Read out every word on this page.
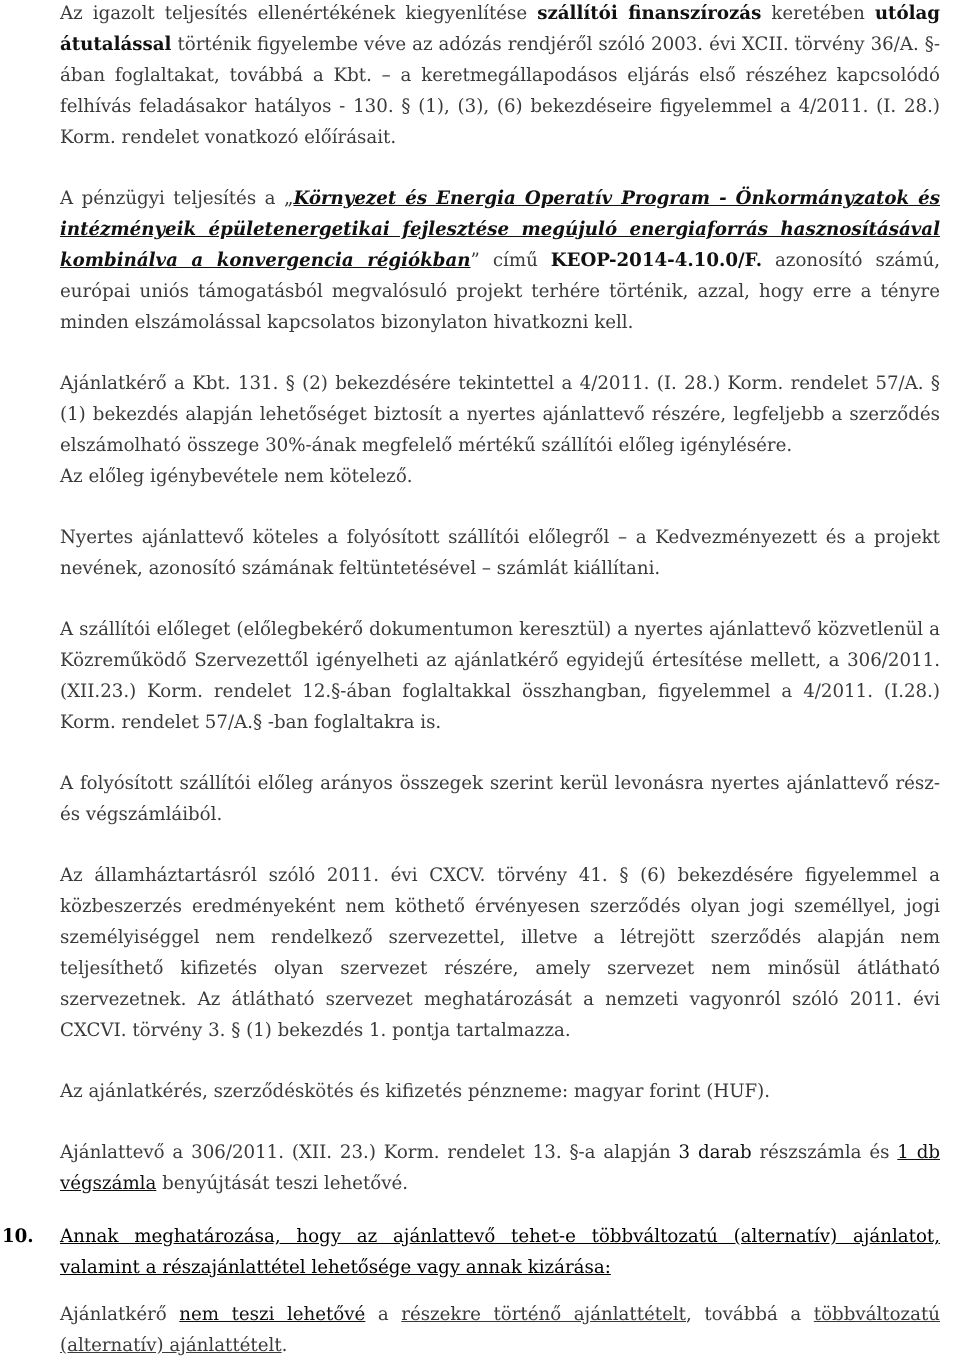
Az igazolt teljesítés ellenértékének kiegyenlítése szállítói finanszírozás keretében utólag átutalással történik figyelembe véve az adózás rendjéről szóló 2003. évi XCII. törvény 36/A. §-ában foglaltakat, továbbá a Kbt. – a keretmegállapodásos eljárás első részéhez kapcsolódó felhívás feladásakor hatályos - 130. § (1), (3), (6) bekezdéseire figyelemmel a 4/2011. (I. 28.) Korm. rendelet vonatkozó előírásait.

A pénzügyi teljesítés a „Környezet és Energia Operatív Program - Önkormányzatok és intézményeik épületenergetikai fejlesztése megújuló energiaforrás hasznosításával kombinálva a konvergencia régiókban” című KEOP-2014-4.10.0/F. azonosító számú, európai uniós támogatásból megvalósuló projekt terhére történik, azzal, hogy erre a tényre minden elszámolással kapcsolatos bizonylaton hivatkozni kell.

Ajánlatkérő a Kbt. 131. § (2) bekezdésére tekintettel a 4/2011. (I. 28.) Korm. rendelet 57/A. § (1) bekezdés alapján lehetőséget biztosít a nyertes ajánlattevő részére, legfeljebb a szerződés elszámolható összege 30%-ának megfelelő mértékű szállítói előleg igénylésére.
Az előleg igénybevétele nem kötelező.

Nyertes ajánlattevő köteles a folyósított szállítói előlegről – a Kedvezményezett és a projekt nevének, azonosító számának feltüntetésével – számlát kiállítani.

A szállítói előleget (előlegbekérő dokumentumon keresztül) a nyertes ajánlattevő közvetlenül a Közreműködő Szervezettől igényelheti az ajánlatkérő egyidejű értesítése mellett, a 306/2011. (XII.23.) Korm. rendelet 12.§-ában foglaltakkal összhangban, figyelemmel a 4/2011. (I.28.) Korm. rendelet 57/A.§ -ban foglaltakra is.

A folyósított szállítói előleg arányos összegek szerint kerül levonásra nyertes ajánlattevő rész- és végszámláiból.

Az államháztartásról szóló 2011. évi CXCV. törvény 41. § (6) bekezdésére figyelemmel a közbeszerzés eredményeként nem köthető érvényesen szerződés olyan jogi személlyel, jogi személyiséggel nem rendelkező szervezettel, illetve a létrejött szerződés alapján nem teljesíthető kifizetés olyan szervezet részére, amely szervezet nem minősül átlátható szervezetnek. Az átlátható szervezet meghatározását a nemzeti vagyonról szóló 2011. évi CXCVI. törvény 3. § (1) bekezdés 1. pontja tartalmazza.

Az ajánlatkérés, szerződéskötés és kifizetés pénzneme: magyar forint (HUF).

Ajánlattevő a 306/2011. (XII. 23.) Korm. rendelet 13. §-a alapján 3 darab részszámla és 1 db végszámla benyújtását teszi lehetővé.

10. Annak meghatározása, hogy az ajánlattevő tehet-e többváltozatú (alternatív) ajánlatot, valamint a részajánlattétel lehetősége vagy annak kizárása:

Ajánlatkérő nem teszi lehetővé a részekre történő ajánlattételt, továbbá a többváltozatú (alternatív) ajánlattételt.
